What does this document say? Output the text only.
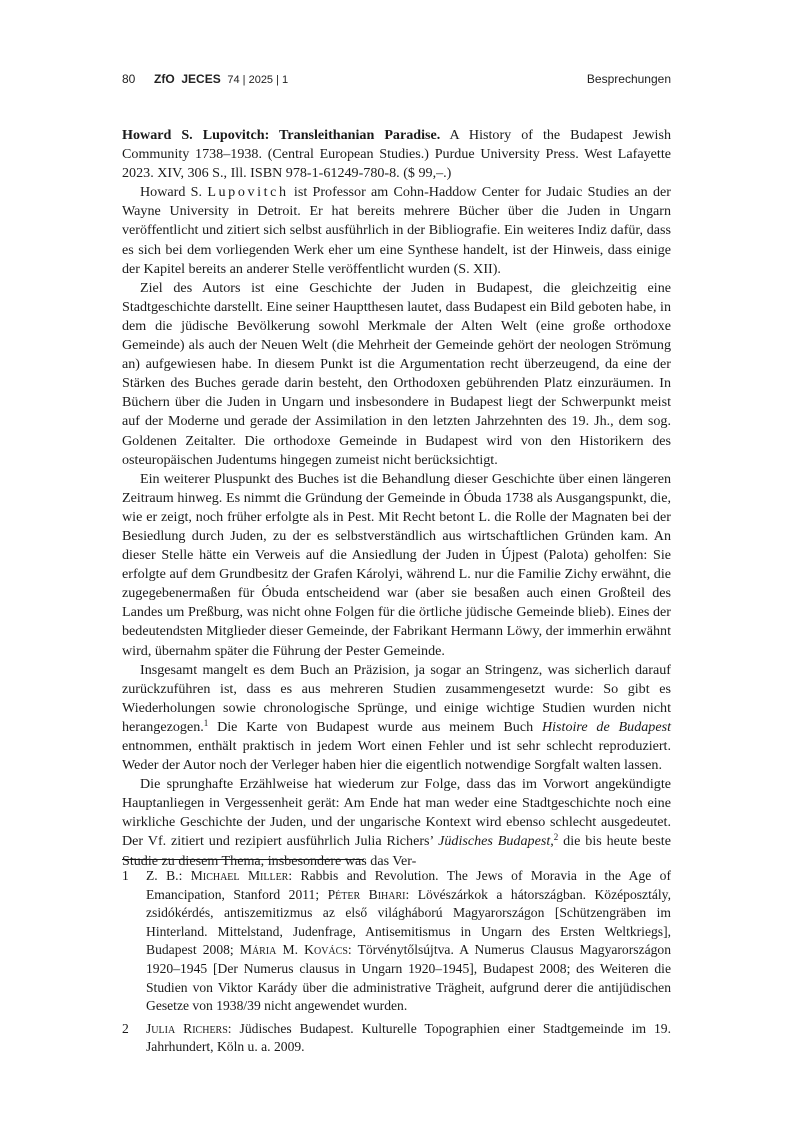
80 ZfO JECES 74 | 2025 | 1	Besprechungen

Howard S. Lupovitch: Transleithanian Paradise. A History of the Budapest Jewish Community 1738–1938. (Central European Studies.) Purdue University Press. West Lafayette 2023. XIV, 306 S., Ill. ISBN 978-1-61249-780-8. ($ 99,–.)

Howard S. Lupovitch ist Professor am Cohn-Haddow Center for Judaic Studies an der Wayne University in Detroit. Er hat bereits mehrere Bücher über die Juden in Ungarn veröffentlicht und zitiert sich selbst ausführlich in der Bibliografie. Ein weiteres Indiz dafür, dass es sich bei dem vorliegenden Werk eher um eine Synthese handelt, ist der Hinweis, dass einige der Kapitel bereits an anderer Stelle veröffentlicht wurden (S. XII).

Ziel des Autors ist eine Geschichte der Juden in Budapest, die gleichzeitig eine Stadtgeschichte darstellt. Eine seiner Hauptthesen lautet, dass Budapest ein Bild geboten habe, in dem die jüdische Bevölkerung sowohl Merkmale der Alten Welt (eine große orthodoxe Gemeinde) als auch der Neuen Welt (die Mehrheit der Gemeinde gehört der neologen Strömung an) aufgewiesen habe. In diesem Punkt ist die Argumentation recht überzeugend, da eine der Stärken des Buches gerade darin besteht, den Orthodoxen gebührenden Platz einzuräumen. In Büchern über die Juden in Ungarn und insbesondere in Budapest liegt der Schwerpunkt meist auf der Moderne und gerade der Assimilation in den letzten Jahrzehnten des 19. Jh., dem sog. Goldenen Zeitalter. Die orthodoxe Gemeinde in Budapest wird von den Historikern des osteuropäischen Judentums hingegen zumeist nicht berücksichtigt.

Ein weiterer Pluspunkt des Buches ist die Behandlung dieser Geschichte über einen längeren Zeitraum hinweg. Es nimmt die Gründung der Gemeinde in Óbuda 1738 als Ausgangspunkt, die, wie er zeigt, noch früher erfolgte als in Pest. Mit Recht betont L. die Rolle der Magnaten bei der Besiedlung durch Juden, zu der es selbstverständlich aus wirtschaftlichen Gründen kam. An dieser Stelle hätte ein Verweis auf die Ansiedlung der Juden in Újpest (Palota) geholfen: Sie erfolgte auf dem Grundbesitz der Grafen Károlyi, während L. nur die Familie Zichy erwähnt, die zugegebenermaßen für Óbuda entscheidend war (aber sie besaßen auch einen Großteil des Landes um Preßburg, was nicht ohne Folgen für die örtliche jüdische Gemeinde blieb). Eines der bedeutendsten Mitglieder dieser Gemeinde, der Fabrikant Hermann Löwy, der immerhin erwähnt wird, übernahm später die Führung der Pester Gemeinde.

Insgesamt mangelt es dem Buch an Präzision, ja sogar an Stringenz, was sicherlich darauf zurückzuführen ist, dass es aus mehreren Studien zusammengesetzt wurde: So gibt es Wiederholungen sowie chronologische Sprünge, und einige wichtige Studien wurden nicht herangezogen.$^1$ Die Karte von Budapest wurde aus meinem Buch Histoire de Budapest entnommen, enthält praktisch in jedem Wort einen Fehler und ist sehr schlecht reproduziert. Weder der Autor noch der Verleger haben hier die eigentlich notwendige Sorgfalt walten lassen.

Die sprunghafte Erzählweise hat wiederum zur Folge, dass das im Vorwort angekündigte Hauptanliegen in Vergessenheit gerät: Am Ende hat man weder eine Stadtgeschichte noch eine wirkliche Geschichte der Juden, und der ungarische Kontext wird ebenso schlecht ausgedeutet. Der Vf. zitiert und rezipiert ausführlich Julia Richers’ Jüdisches Budapest,$^2$ die bis heute beste Studie zu diesem Thema, insbesondere was das Ver-

1	Z. B.: Michael Miller: Rabbis and Revolution. The Jews of Moravia in the Age of Emancipation, Stanford 2011; Péter Bihari: Lövészárkok a hátországban. Középosztály, zsidókérdés, antiszemitizmus az első világháború Magyarországon [Schützengräben im Hinterland. Mittelstand, Judenfrage, Antisemitismus in Ungarn des Ersten Weltkriegs], Budapest 2008; Mária M. Kovács: Törvénytőlsújtva. A Numerus Clausus Magyarországon 1920–1945 [Der Numerus clausus in Ungarn 1920–1945], Budapest 2008; des Weiteren die Studien von Viktor Karády über die administrative Trägheit, aufgrund derer die antijüdischen Gesetze von 1938/39 nicht angewendet wurden.
2	Julia Richers: Jüdisches Budapest. Kulturelle Topographien einer Stadtgemeinde im 19. Jahrhundert, Köln u. a. 2009.
